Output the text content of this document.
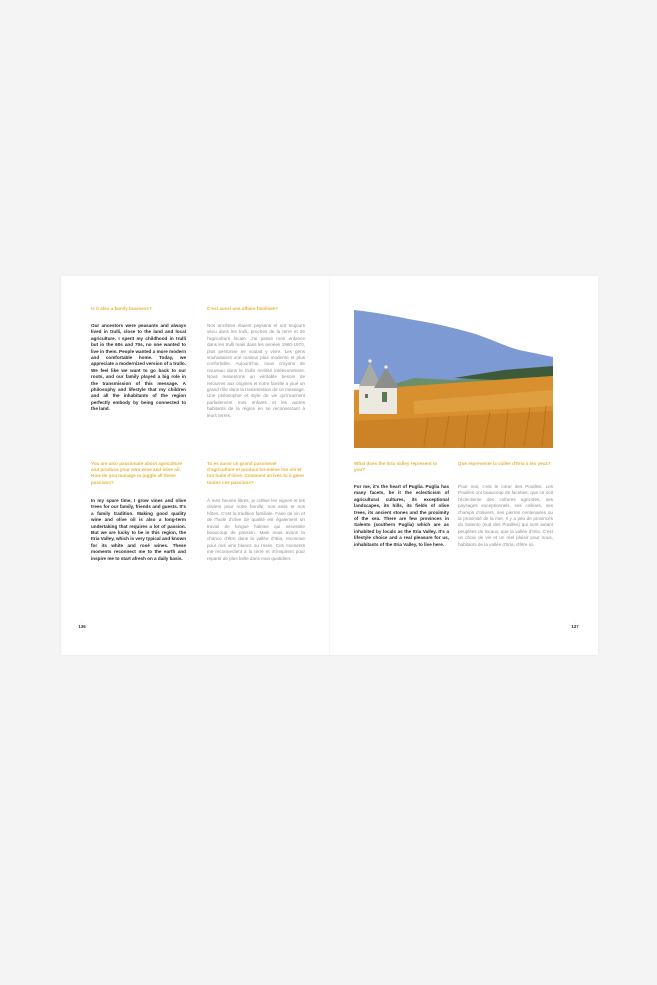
Is it also a family business?	C'est aussi une affaire familiale?

Our ancestors were peasants and always lived in trulli, close to the land and local agriculture. I spent my childhood in trulli but in the 60s and 70s, no one wanted to live in them. People wanted a more modern and comfortable home. Today, we appreciate a modernized version of a trullo. We feel like we want to go back to our roots, and our family played a big role in the transmission of this message. A philosophy and lifestyle that my children and all the inhabitants of the region perfectly embody by being connected to the land.

Nos ancêtres étaient paysans et ont toujours vécu dans les trulli, proches de la terre et de l'agriculture locale. J'ai passé mon enfance dans les trulli mais dans les années 1960-1970, plus personne ne voulait y vivre. Les gens souhaitaient une maison plus moderne et plus confortable. Aujourd'hui, nous croyons de nouveau dans le trullo revisité intérieurement. Nous ressentons un véritable besoin de retourner aux origines et notre famille a joué un grand rôle dans la transmission de ce message. Une philosophie et style de vie qu'incarnent parfaitement mes enfants et les autres habitants de la région en se reconnectant à leurs terres.

You are also passionate about agriculture and produce your own wine and olive oil. How do you manage to juggle all these passions?

Tu es aussi un grand passionné d'agriculture et produis toi-même ton vin et ton huile d'olive. Comment arrives-tu à gérer toutes ces passions?

In my spare time, I grow vines and olive trees for our family, friends and guests. It's a family tradition. Making good quality wine and olive oil is also a long-term undertaking that requires a lot of passion. But we are lucky to be in this region, the Itria Valley, which is very typical and known for its white and rosé wines. These moments reconnect me to the earth and inspire me to start afresh on a daily basis.

À mes heures libres, je cultive les vignes et les oliviers pour notre famille, nos amis et nos hôtes. C'est la tradition familiale. Faire du vin et de l'huile d'olive de qualité est également un travail de longue haleine qui nécessite beaucoup de passion. Mais nous avons la chance d'être dans la vallée d'Itria, reconnue pour nos vins blancs ou rosés. Ces moments me reconnectent à la terre et m'inspirent pour repartir de plus belle dans mon quotidien.

•
136
•

What does the Itria Valley represent to you?

Que représente la vallée d'Itria à tes yeux?

For me, it's the heart of Puglia. Puglia has many facets, be it the eclecticism of agricultural cultures, its exceptional landscapes, its hills, its fields of olive trees, its ancient stones and the proximity of the sea. There are few provinces in Salento (southern Puglia) which are as inhabited by locals as the Itria Valley. It's a lifestyle choice and a real pleasure for us, inhabitants of the Itria Valley, to live here.

Pour moi, c'est le cœur des Pouilles. Les Pouilles ont beaucoup de facettes, que ce soit l'éclectisme des cultures agricoles, ses paysages exceptionnels, ses collines, ses champs d'oliviers, ses pierres centenaires ou la proximité de la mer. Il y a peu de provinces du Salento (sud des Pouilles) qui sont autant peuplées de locaux, que la vallée d'Itria. C'est un choix de vie et un réel plaisir pour nous, habitants de la vallée d'Itria, d'être ici.

•
137
•
